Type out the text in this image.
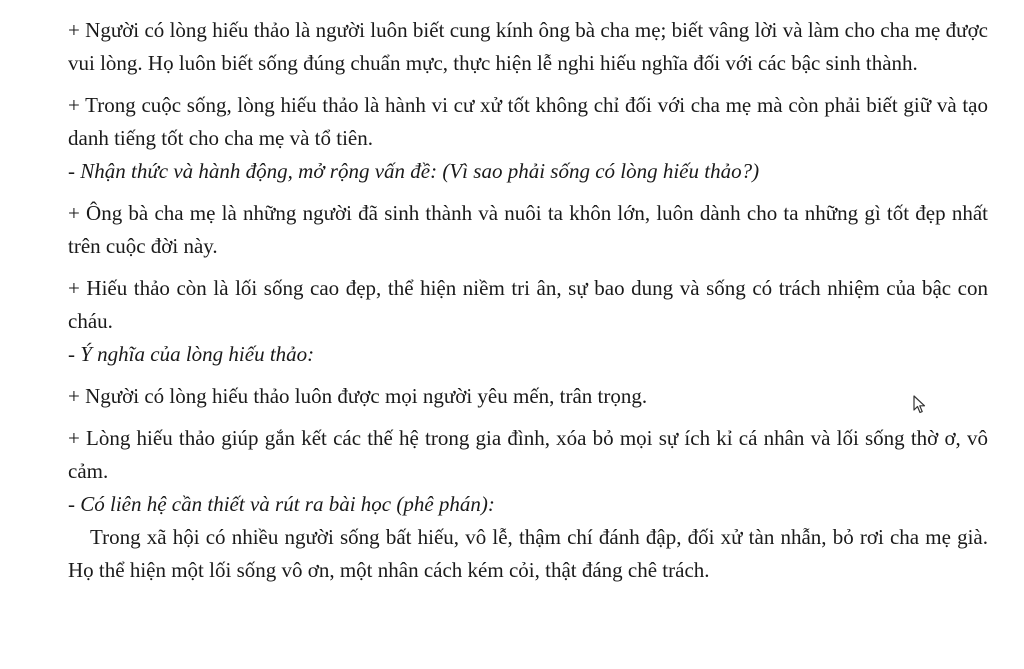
+ Người có lòng hiếu thảo là người luôn biết cung kính ông bà cha mẹ; biết vâng lời và làm cho cha mẹ được vui lòng. Họ luôn biết sống đúng chuẩn mực, thực hiện lễ nghi hiếu nghĩa đối với các bậc sinh thành.

+ Trong cuộc sống, lòng hiếu thảo là hành vi cư xử tốt không chỉ đối với cha mẹ mà còn phải biết giữ và tạo danh tiếng tốt cho cha mẹ và tổ tiên.

- Nhận thức và hành động, mở rộng vấn đề: (Vì sao phải sống có lòng hiếu thảo?)

+ Ông bà cha mẹ là những người đã sinh thành và nuôi ta khôn lớn, luôn dành cho ta những gì tốt đẹp nhất trên cuộc đời này.

+ Hiếu thảo còn là lối sống cao đẹp, thể hiện niềm tri ân, sự bao dung và sống có trách nhiệm của bậc con cháu.

- Ý nghĩa của lòng hiếu thảo:

+ Người có lòng hiếu thảo luôn được mọi người yêu mến, trân trọng.

+ Lòng hiếu thảo giúp gắn kết các thế hệ trong gia đình, xóa bỏ mọi sự ích kỉ cá nhân và lối sống thờ ơ, vô cảm.

- Có liên hệ cần thiết và rút ra bài học (phê phán):

Trong xã hội có nhiều người sống bất hiếu, vô lễ, thậm chí đánh đập, đối xử tàn nhẫn, bỏ rơi cha mẹ già. Họ thể hiện một lối sống vô ơn, một nhân cách kém cỏi, thật đáng chê trách.
